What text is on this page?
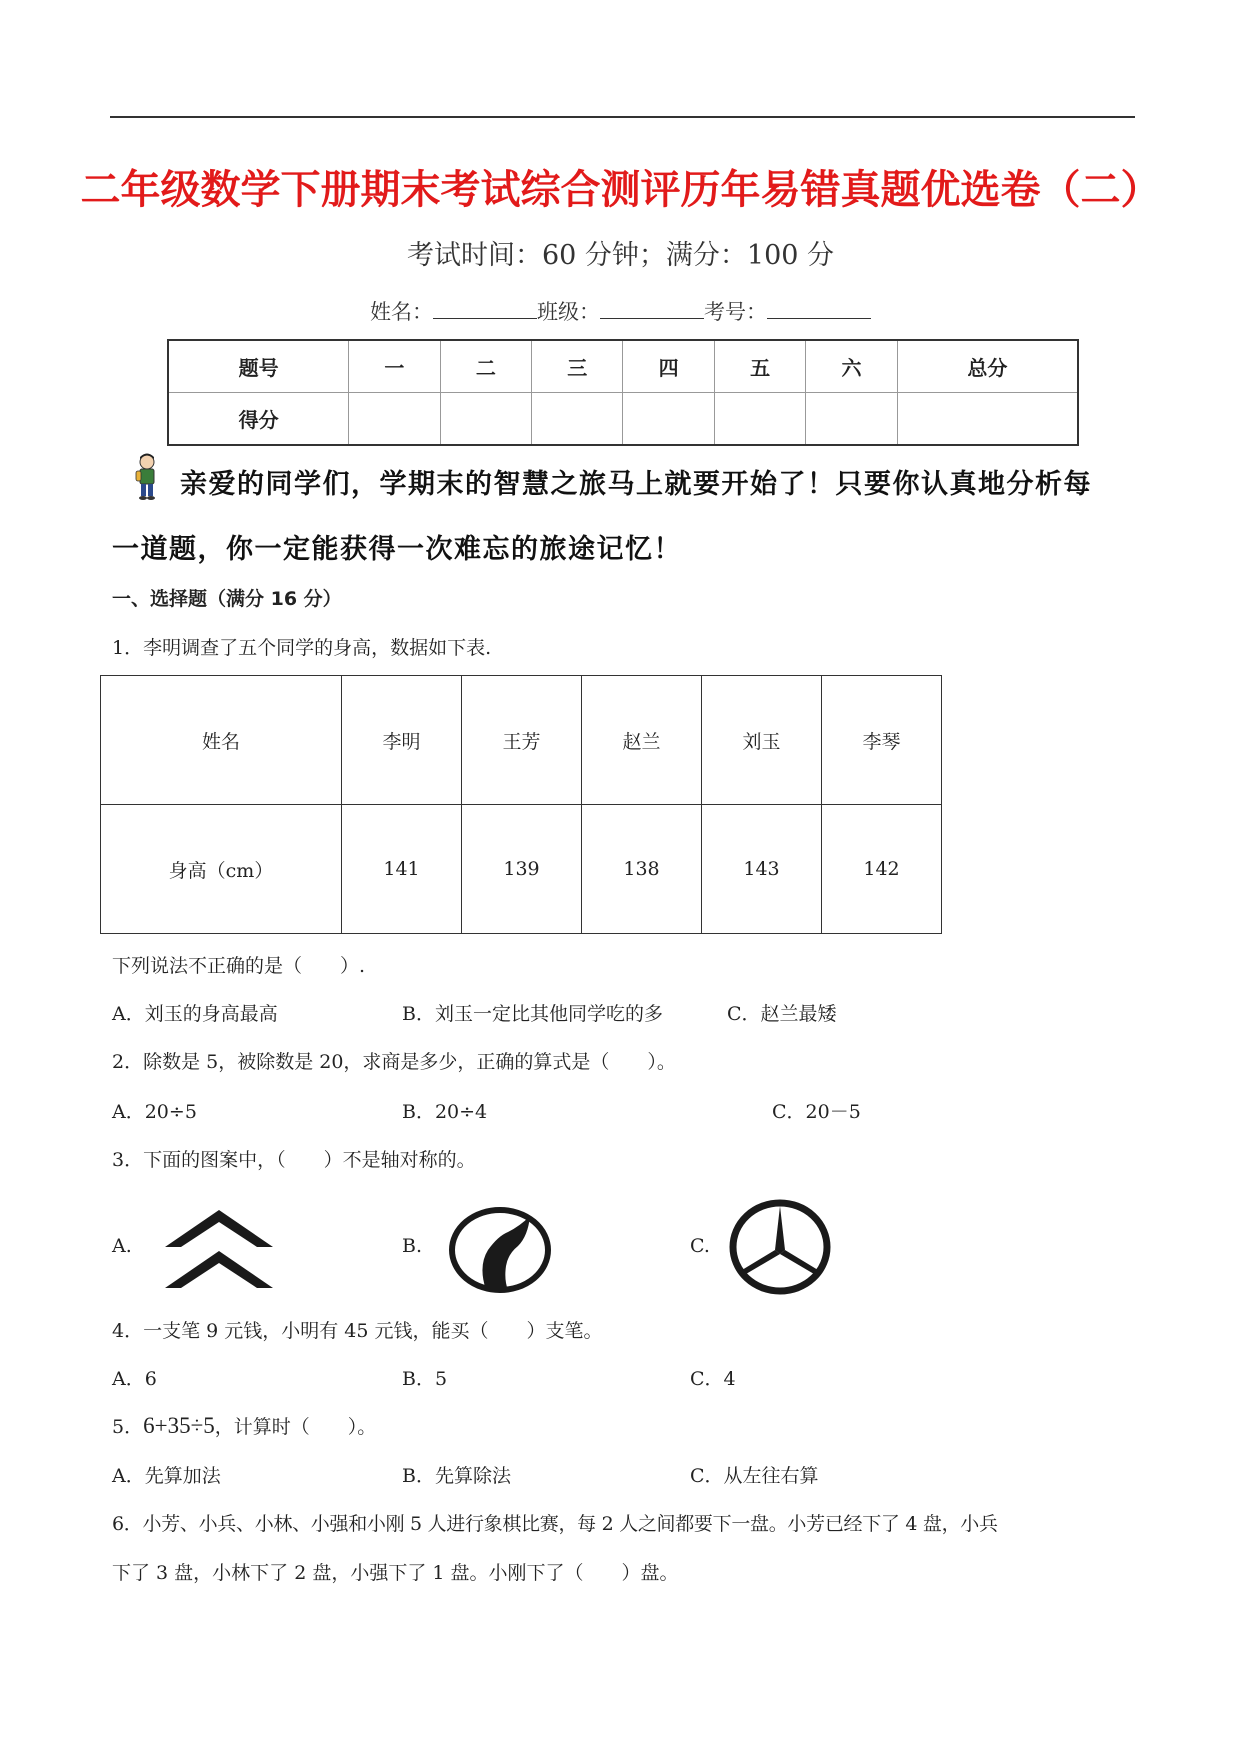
二年级数学下册期末考试综合测评历年易错真题优选卷（二）
考试时间：60 分钟；满分：100 分
姓名：	班级：	考号：
题号	一	二	三	四	五	六	总分
得分							
亲爱的同学们，学期末的智慧之旅马上就要开始了！只要你认真地分析每
一道题，你一定能获得一次难忘的旅途记忆！
一、选择题（满分 16 分）
1．李明调查了五个同学的身高，数据如下表.
姓名	李明	王芳	赵兰	刘玉	李琴
身高（cm）	141	139	138	143	142
下列说法不正确的是（　　）.
A．刘玉的身高最高	B．刘玉一定比其他同学吃的多	C．赵兰最矮
2．除数是 5，被除数是 20，求商是多少，正确的算式是（　　）。
A．20÷5	B．20÷4	C．20－5
3．下面的图案中，（　　）不是轴对称的。
A.	B.	C.
4．一支笔 9 元钱，小明有 45 元钱，能买（　　）支笔。
A．6	B．5	C．4
5．6+35÷5，计算时（　　）。
A．先算加法	B．先算除法	C．从左往右算
6．小芳、小兵、小林、小强和小刚 5 人进行象棋比赛，每 2 人之间都要下一盘。小芳已经下了 4 盘，小兵
下了 3 盘，小林下了 2 盘，小强下了 1 盘。小刚下了（　　）盘。
